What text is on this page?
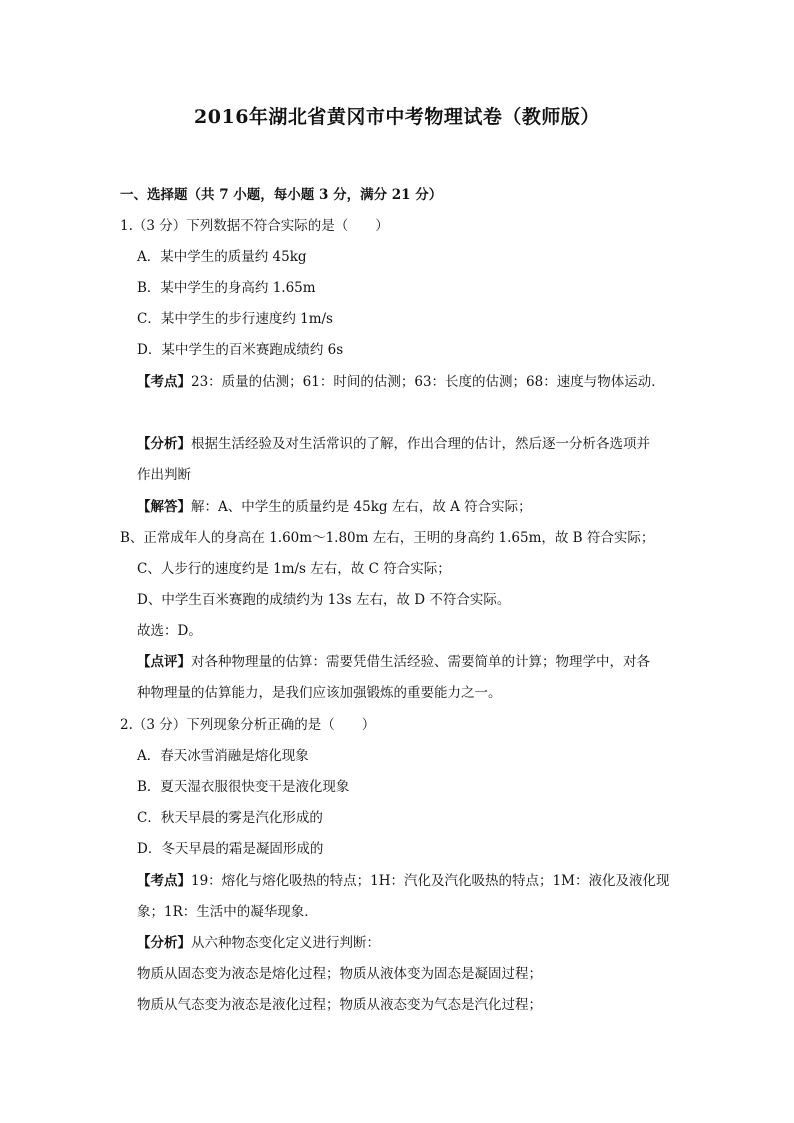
2016年湖北省黄冈市中考物理试卷（教师版）
一、选择题（共 7 小题，每小题 3 分，满分 21 分）
1.（3 分）下列数据不符合实际的是（　　）
A．某中学生的质量约 45kg
B．某中学生的身高约 1.65m
C．某中学生的步行速度约 1m/s
D．某中学生的百米赛跑成绩约 6s
【考点】23：质量的估测；61：时间的估测；63：长度的估测；68：速度与物体运动．
【分析】根据生活经验及对生活常识的了解，作出合理的估计，然后逐一分析各选项并
作出判断
【解答】解：A、中学生的质量约是 45kg 左右，故 A 符合实际；
B、正常成年人的身高在 1.60m～1.80m 左右，王明的身高约 1.65m，故 B 符合实际；
C、人步行的速度约是 1m/s 左右，故 C 符合实际；
D、中学生百米赛跑的成绩约为 13s 左右，故 D 不符合实际。
故选：D。
【点评】对各种物理量的估算：需要凭借生活经验、需要简单的计算；物理学中，对各
种物理量的估算能力，是我们应该加强锻炼的重要能力之一。
2.（3 分）下列现象分析正确的是（　　）
A．春天冰雪消融是熔化现象
B．夏天湿衣服很快变干是液化现象
C．秋天早晨的雾是汽化形成的
D．冬天早晨的霜是凝固形成的
【考点】19：熔化与熔化吸热的特点；1H：汽化及汽化吸热的特点；1M：液化及液化现
象；1R：生活中的凝华现象．
【分析】从六种物态变化定义进行判断：
物质从固态变为液态是熔化过程；物质从液体变为固态是凝固过程；
物质从气态变为液态是液化过程；物质从液态变为气态是汽化过程；
